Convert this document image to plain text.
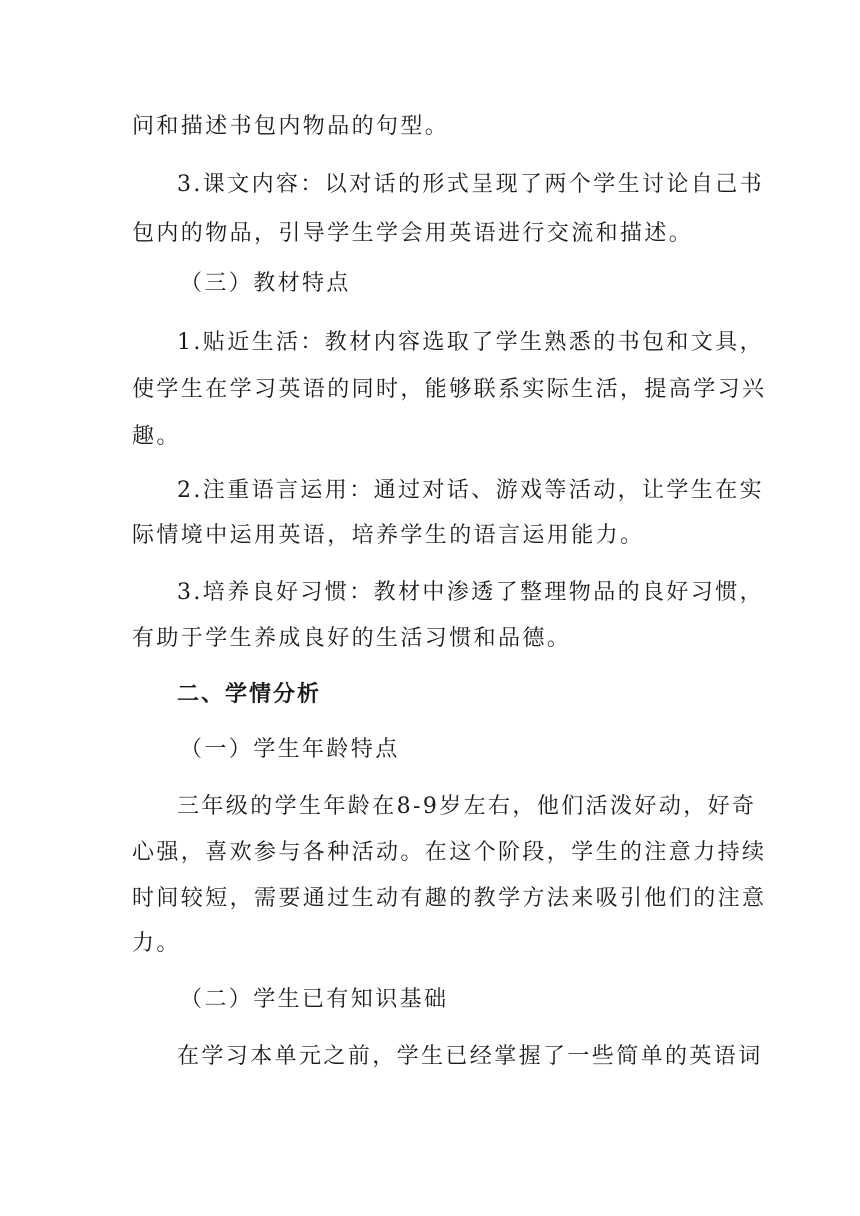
问和描述书包内物品的句型。
3.课文内容：以对话的形式呈现了两个学生讨论自己书
包内的物品，引导学生学会用英语进行交流和描述。
（三）教材特点
1.贴近生活：教材内容选取了学生熟悉的书包和文具，
使学生在学习英语的同时，能够联系实际生活，提高学习兴
趣。
2.注重语言运用：通过对话、游戏等活动，让学生在实
际情境中运用英语，培养学生的语言运用能力。
3.培养良好习惯：教材中渗透了整理物品的良好习惯，
有助于学生养成良好的生活习惯和品德。
二、学情分析
（一）学生年龄特点
三年级的学生年龄在8-9岁左右，他们活泼好动，好奇
心强，喜欢参与各种活动。在这个阶段，学生的注意力持续
时间较短，需要通过生动有趣的教学方法来吸引他们的注意
力。
（二）学生已有知识基础
在学习本单元之前，学生已经掌握了一些简单的英语词
